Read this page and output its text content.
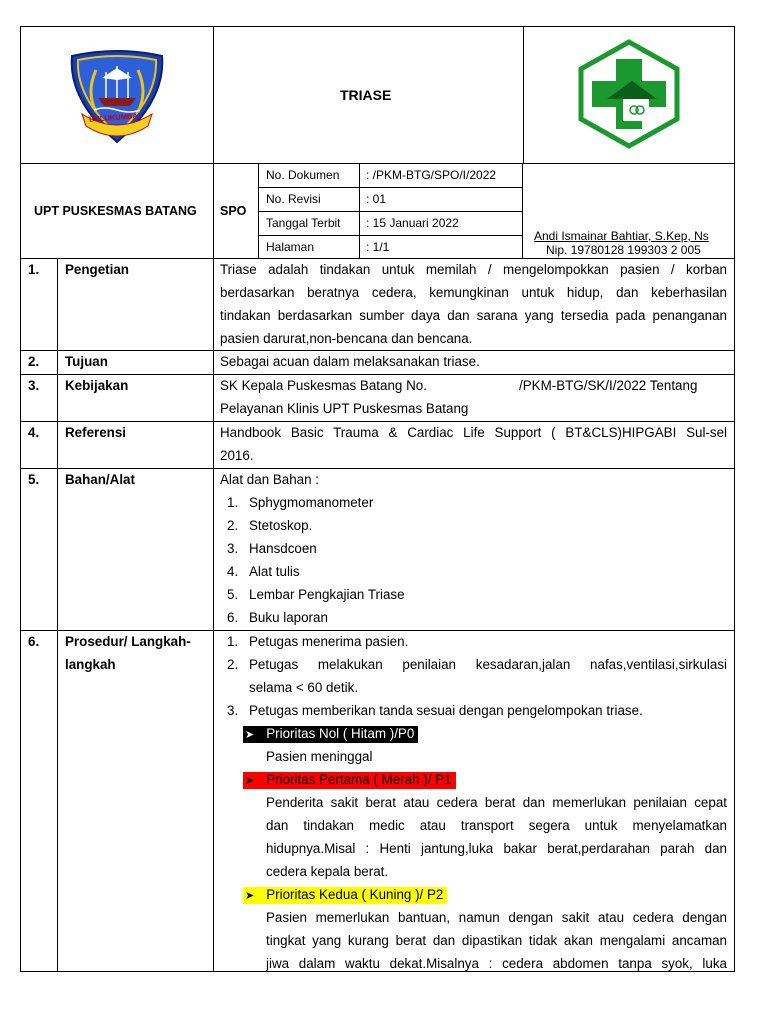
BULUKUMBA
TRIASE
UPT PUSKESMAS BATANG SPO
No. Dokumen : /PKM-BTG/SPO/I/2022
No. Revisi	: 01
Tanggal Terbit : 15 Januari 2022
Halaman	: 1/1
Andi Ismainar Bahtiar, S.Kep, Ns
Nip. 19780128 199303 2 005
1. Pengetian	Triase adalah tindakan untuk memilah / mengelompokkan pasien / korban
berdasarkan beratnya cedera, kemungkinan untuk hidup, dan keberhasilan
tindakan berdasarkan sumber daya dan sarana yang tersedia pada penanganan
pasien darurat,non-bencana dan bencana.
2. Tujuan	Sebagai acuan dalam melaksanakan triase.
3. Kebijakan	SK Kepala Puskesmas Batang No.	/PKM-BTG/SK/I/2022 Tentang
Pelayanan Klinis UPT Puskesmas Batang
4. Referensi	Handbook Basic Trauma & Cardiac Life Support ( BT&CLS)HIPGABI Sul-sel
2016.
5. Bahan/Alat	Alat dan Bahan :
1. Sphygmomanometer
2. Stetoskop.
3. Hansdcoen
4. Alat tulis
5. Lembar Pengkajian Triase
6. Buku laporan
6. Prosedur/ Langkah-
langkah
1. Petugas menerima pasien.
2. Petugas melakukan penilaian kesadaran,jalan nafas,ventilasi,sirkulasi
selama < 60 detik.
3. Petugas memberikan tanda sesuai dengan pengelompokan triase.
➤ Prioritas Nol ( Hitam )/P0
Pasien meninggal
➤ Prioritas Pertama ( Merah )/ P1
Penderita sakit berat atau cedera berat dan memerlukan penilaian cepat
dan tindakan medic atau transport segera untuk menyelamatkan
hidupnya.Misal : Henti jantung,luka bakar berat,perdarahan parah dan
cedera kepala berat.
➤ Prioritas Kedua ( Kuning )/ P2
Pasien memerlukan bantuan, namun dengan sakit atau cedera dengan
tingkat yang kurang berat dan dipastikan tidak akan mengalami ancaman
jiwa dalam waktu dekat.Misalnya : cedera abdomen tanpa syok, luka
